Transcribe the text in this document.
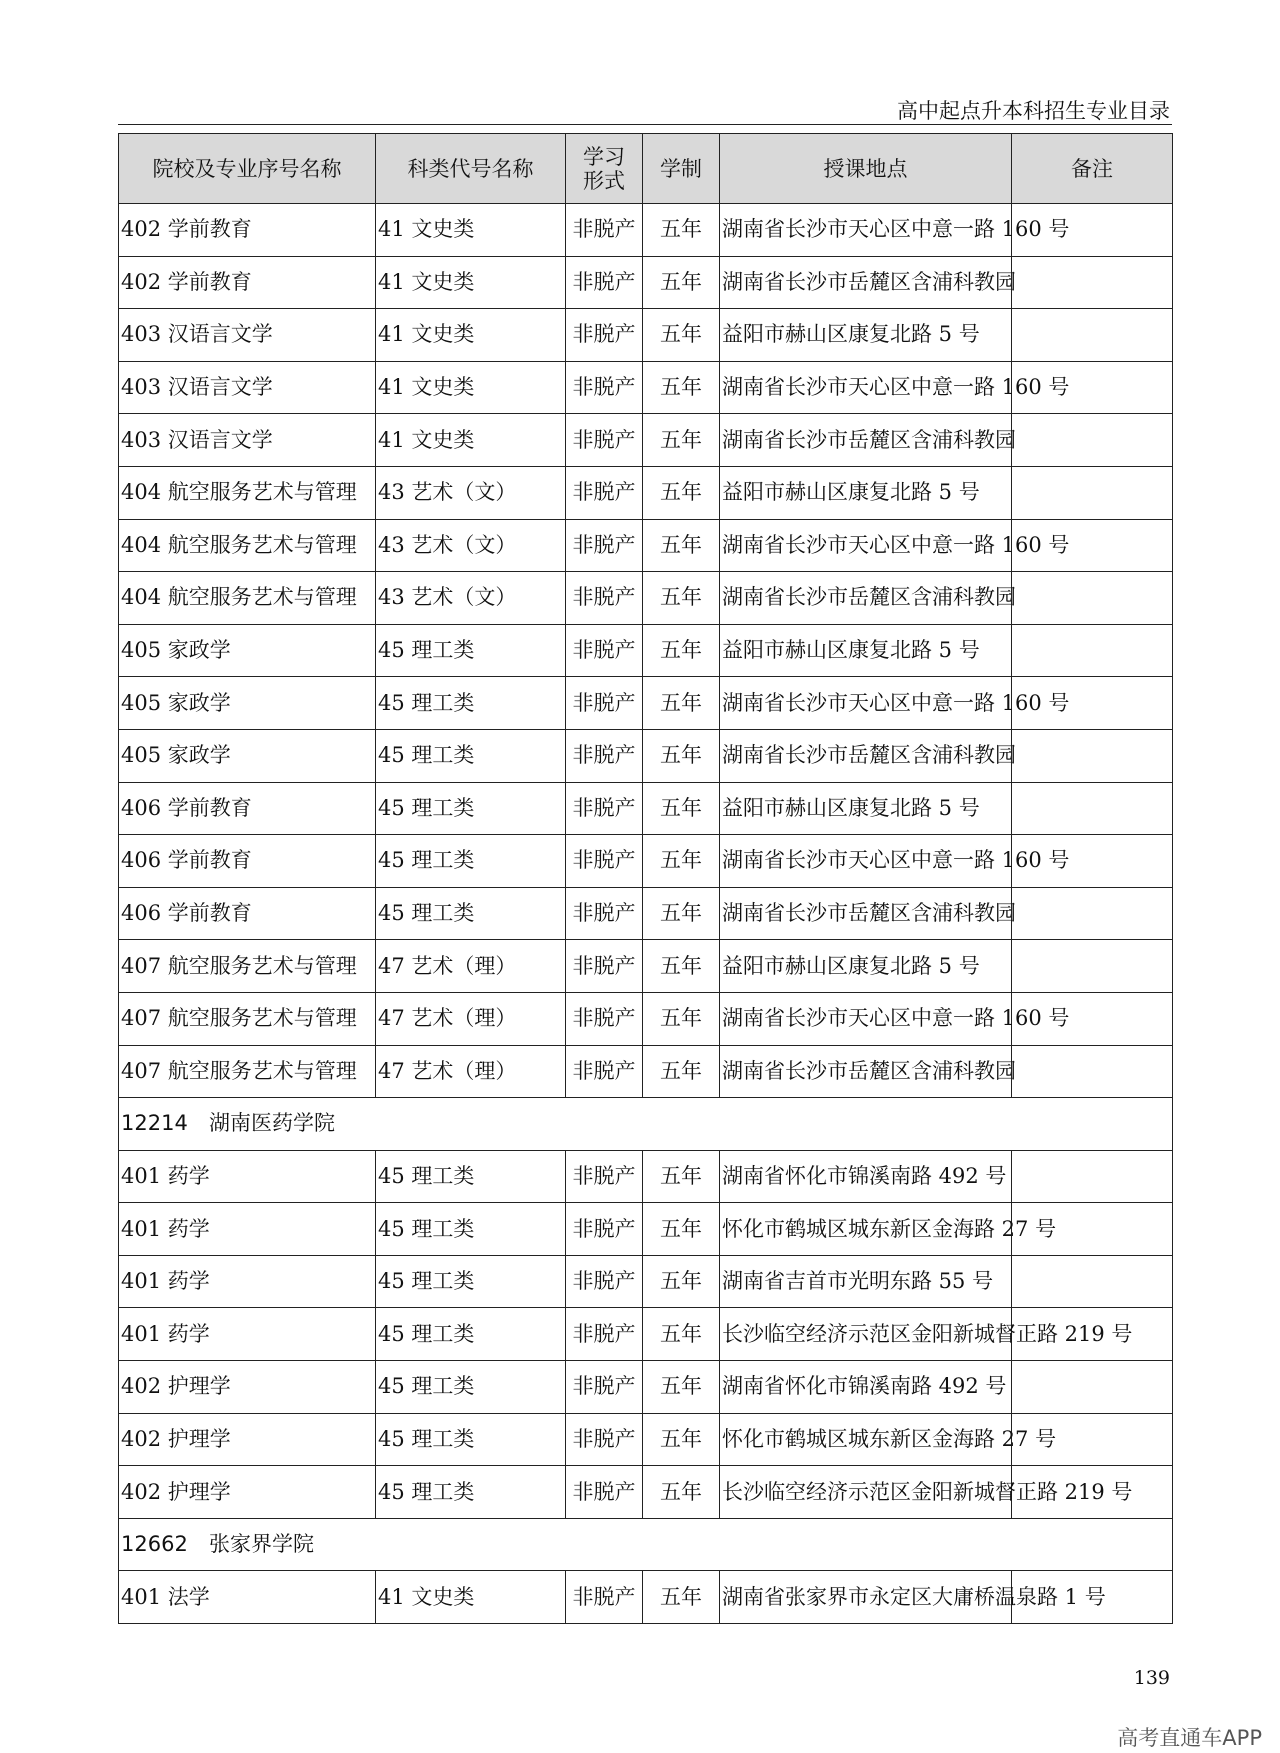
高中起点升本科招生专业目录
院校及专业序号名称	科类代号名称	学习
形式	学制	授课地点	备注
402 学前教育	41 文史类	非脱产	五年	湖南省长沙市天心区中意一路 160 号	
402 学前教育	41 文史类	非脱产	五年	湖南省长沙市岳麓区含浦科教园	
403 汉语言文学	41 文史类	非脱产	五年	益阳市赫山区康复北路 5 号	
403 汉语言文学	41 文史类	非脱产	五年	湖南省长沙市天心区中意一路 160 号	
403 汉语言文学	41 文史类	非脱产	五年	湖南省长沙市岳麓区含浦科教园	
404 航空服务艺术与管理	43 艺术（文）	非脱产	五年	益阳市赫山区康复北路 5 号	
404 航空服务艺术与管理	43 艺术（文）	非脱产	五年	湖南省长沙市天心区中意一路 160 号	
404 航空服务艺术与管理	43 艺术（文）	非脱产	五年	湖南省长沙市岳麓区含浦科教园	
405 家政学	45 理工类	非脱产	五年	益阳市赫山区康复北路 5 号	
405 家政学	45 理工类	非脱产	五年	湖南省长沙市天心区中意一路 160 号	
405 家政学	45 理工类	非脱产	五年	湖南省长沙市岳麓区含浦科教园	
406 学前教育	45 理工类	非脱产	五年	益阳市赫山区康复北路 5 号	
406 学前教育	45 理工类	非脱产	五年	湖南省长沙市天心区中意一路 160 号	
406 学前教育	45 理工类	非脱产	五年	湖南省长沙市岳麓区含浦科教园	
407 航空服务艺术与管理	47 艺术（理）	非脱产	五年	益阳市赫山区康复北路 5 号	
407 航空服务艺术与管理	47 艺术（理）	非脱产	五年	湖南省长沙市天心区中意一路 160 号	
407 航空服务艺术与管理	47 艺术（理）	非脱产	五年	湖南省长沙市岳麓区含浦科教园	
12214 湖南医药学院					
401 药学	45 理工类	非脱产	五年	湖南省怀化市锦溪南路 492 号	
401 药学	45 理工类	非脱产	五年	怀化市鹤城区城东新区金海路 27 号	
401 药学	45 理工类	非脱产	五年	湖南省吉首市光明东路 55 号	
401 药学	45 理工类	非脱产	五年	长沙临空经济示范区金阳新城督正路 219 号	
402 护理学	45 理工类	非脱产	五年	湖南省怀化市锦溪南路 492 号	
402 护理学	45 理工类	非脱产	五年	怀化市鹤城区城东新区金海路 27 号	
402 护理学	45 理工类	非脱产	五年	长沙临空经济示范区金阳新城督正路 219 号	
12662 张家界学院					
401 法学	41 文史类	非脱产	五年	湖南省张家界市永定区大庸桥温泉路 1 号	
139
高考直通车APP
